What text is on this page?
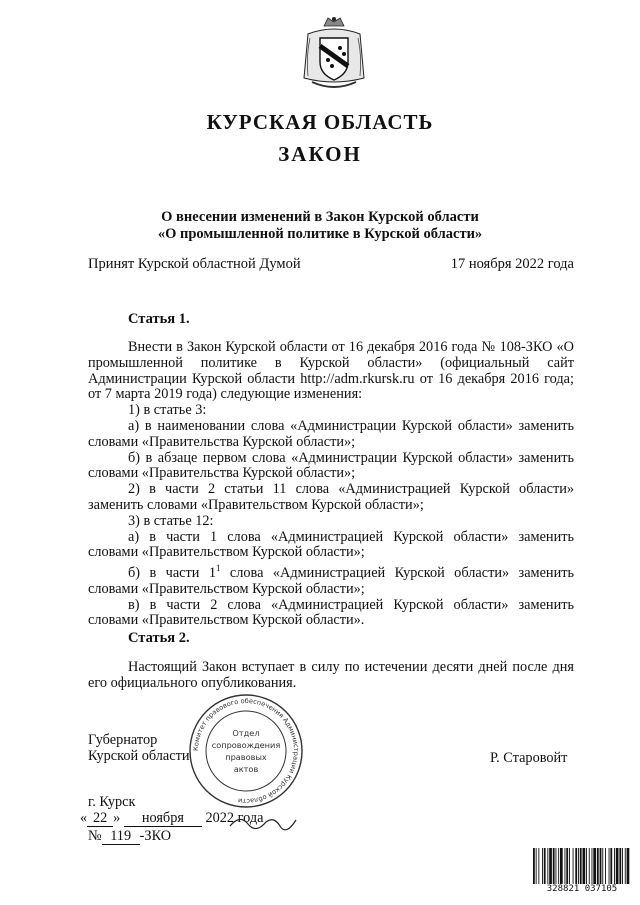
КУРСКАЯ ОБЛАСТЬ
ЗАКОН
О внесении изменений в Закон Курской области
«О промышленной политике в Курской области»
Принят Курской областной Думой	17 ноября 2022 года
Статья 1.

Внести в Закон Курской области от 16 декабря 2016 года № 108-ЗКО «О промышленной политике в Курской области» (официальный сайт Администрации Курской области http://adm.rkursk.ru от 16 декабря 2016 года; от 7 марта 2019 года) следующие изменения:

1) в статье 3:

а) в наименовании слова «Администрации Курской области» заменить словами «Правительства Курской области»;

б) в абзаце первом слова «Администрации Курской области» заменить словами «Правительства Курской области»;

2) в части 2 статьи 11 слова «Администрацией Курской области» заменить словами «Правительством Курской области»;

3) в статье 12:

а) в части 1 слова «Администрацией Курской области» заменить словами «Правительством Курской области»;

б) в части $1^1$ слова «Администрацией Курской области» заменить словами «Правительством Курской области»;

в) в части 2 слова «Администрацией Курской области» заменить словами «Правительством Курской области».

Статья 2.

Настоящий Закон вступает в силу по истечении десяти дней после дня его официального опубликования.

Губернатор
Курской области	Р. Старовойт
г. Курск
« 22 » ноября 2022 года
№ 119 -ЗКО
Комитет правового обеспечения Администрации Курской области
Отдел
сопровождения
правовых
актов
328821 037105
